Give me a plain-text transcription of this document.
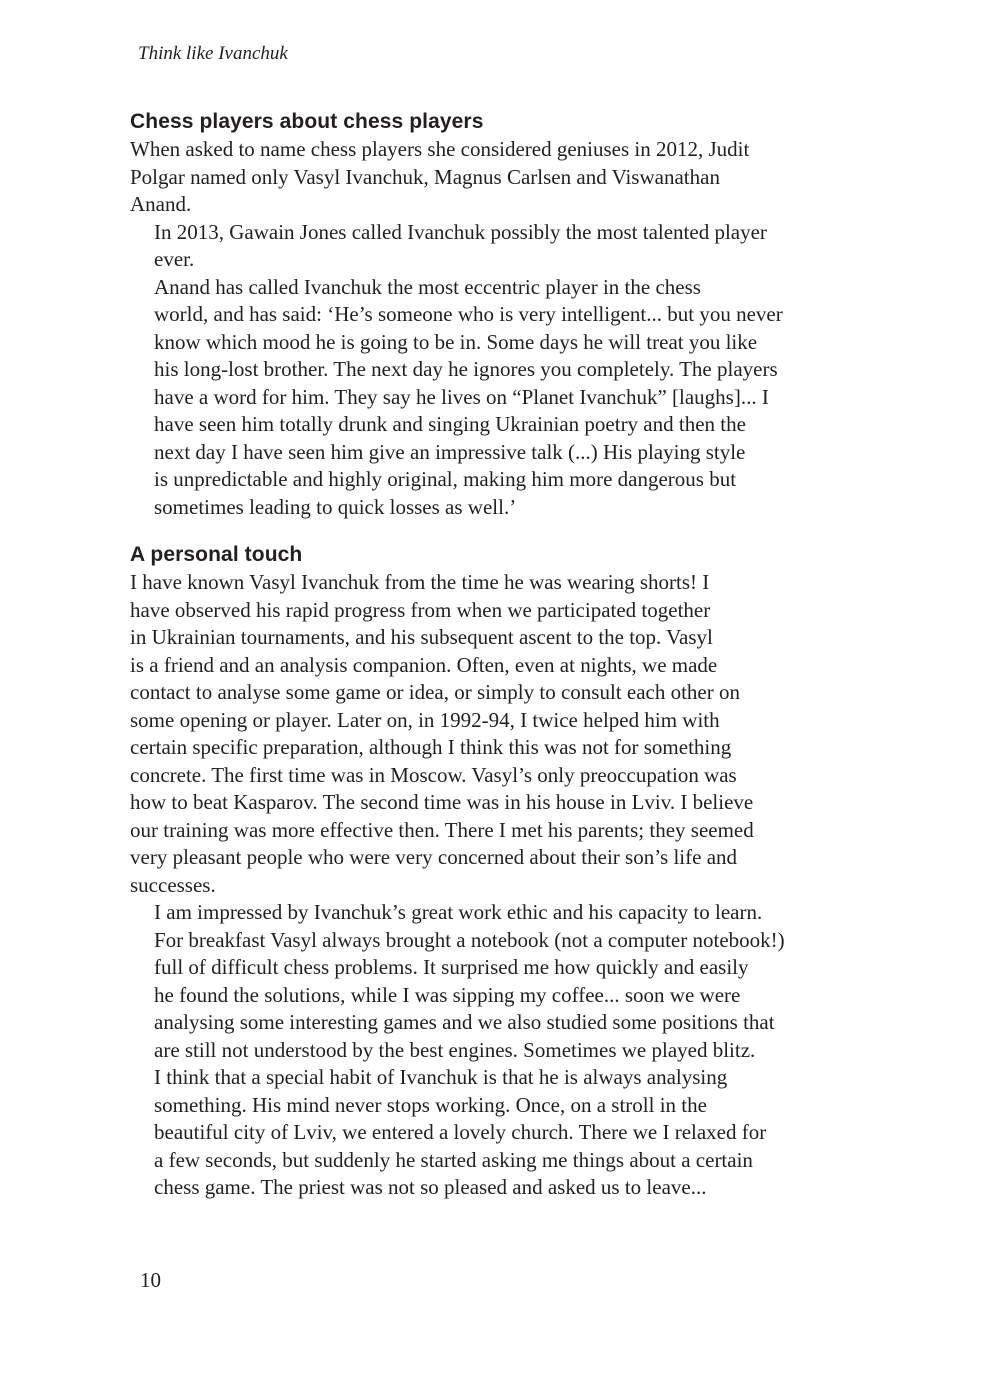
Think like Ivanchuk

Chess players about chess players

When asked to name chess players she considered geniuses in 2012, Judit
Polgar named only Vasyl Ivanchuk, Magnus Carlsen and Viswanathan
Anand.

In 2013, Gawain Jones called Ivanchuk possibly the most talented player
ever.

Anand has called Ivanchuk the most eccentric player in the chess
world, and has said: ‘He’s someone who is very intelligent... but you never
know which mood he is going to be in. Some days he will treat you like
his long-lost brother. The next day he ignores you completely. The players
have a word for him. They say he lives on “Planet Ivanchuk” [laughs]... I
have seen him totally drunk and singing Ukrainian poetry and then the
next day I have seen him give an impressive talk (...) His playing style
is unpredictable and highly original, making him more dangerous but
sometimes leading to quick losses as well.’

A personal touch

I have known Vasyl Ivanchuk from the time he was wearing shorts! I
have observed his rapid progress from when we participated together
in Ukrainian tournaments, and his subsequent ascent to the top. Vasyl
is a friend and an analysis companion. Often, even at nights, we made
contact to analyse some game or idea, or simply to consult each other on
some opening or player. Later on, in 1992-94, I twice helped him with
certain specific preparation, although I think this was not for something
concrete. The first time was in Moscow. Vasyl’s only preoccupation was
how to beat Kasparov. The second time was in his house in Lviv. I believe
our training was more effective then. There I met his parents; they seemed
very pleasant people who were very concerned about their son’s life and
successes.

I am impressed by Ivanchuk’s great work ethic and his capacity to learn.
For breakfast Vasyl always brought a notebook (not a computer notebook!)
full of difficult chess problems. It surprised me how quickly and easily
he found the solutions, while I was sipping my coffee... soon we were
analysing some interesting games and we also studied some positions that
are still not understood by the best engines. Sometimes we played blitz.

I think that a special habit of Ivanchuk is that he is always analysing
something. His mind never stops working. Once, on a stroll in the
beautiful city of Lviv, we entered a lovely church. There we I relaxed for
a few seconds, but suddenly he started asking me things about a certain
chess game. The priest was not so pleased and asked us to leave...

10
